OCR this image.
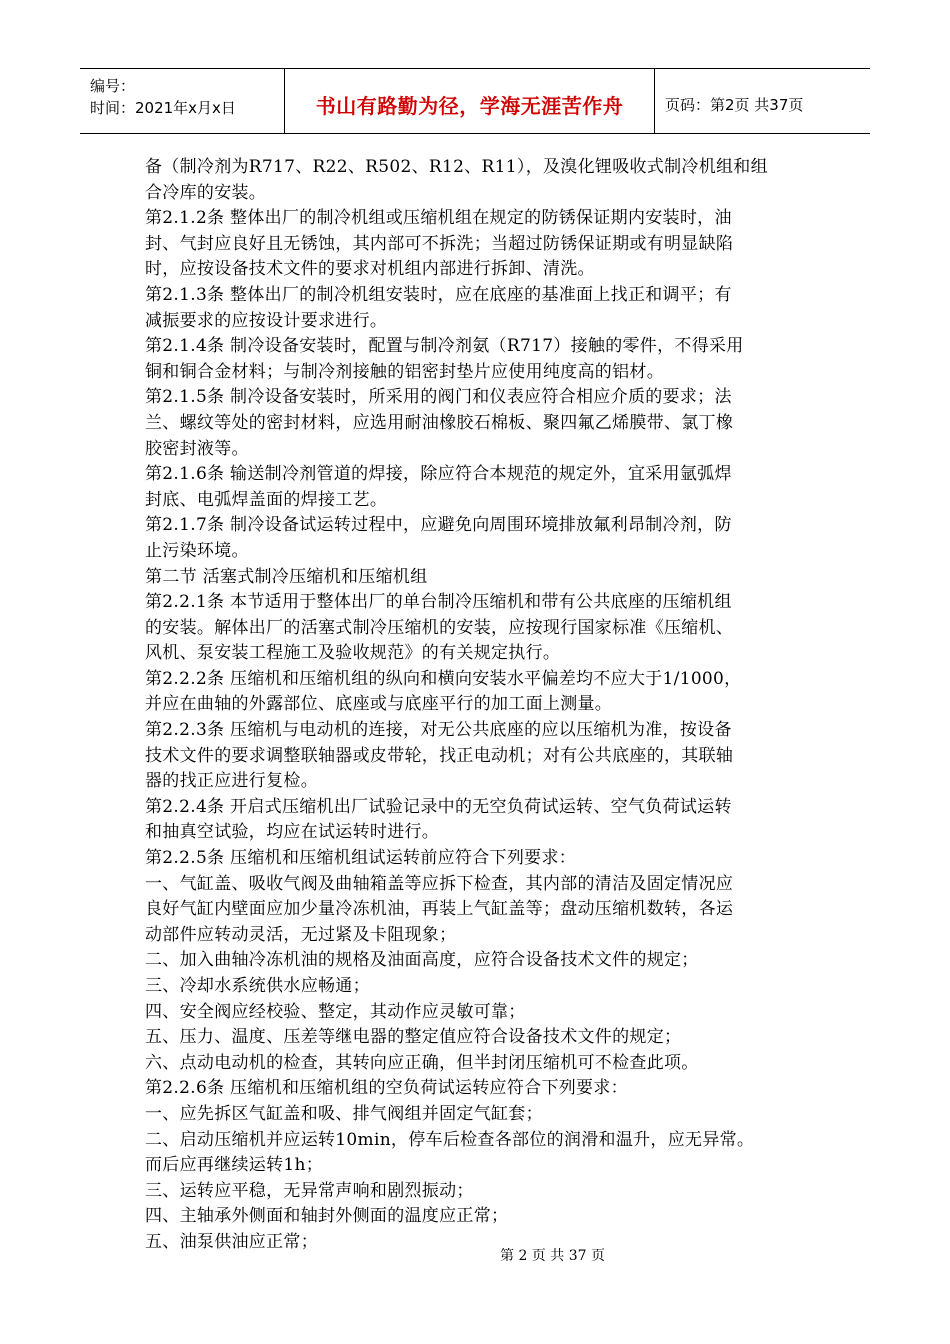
编号：
时间：2021年x月x日	书山有路勤为径，学海无涯苦作舟	页码：第2页 共37页
备（制冷剂为R717、R22、R502、R12、R11），及溴化锂吸收式制冷机组和组
合冷库的安装。
第2.1.2条 整体出厂的制冷机组或压缩机组在规定的防锈保证期内安装时，油
封、气封应良好且无锈蚀，其内部可不拆洗；当超过防锈保证期或有明显缺陷
时，应按设备技术文件的要求对机组内部进行拆卸、清洗。
第2.1.3条 整体出厂的制冷机组安装时，应在底座的基准面上找正和调平；有
减振要求的应按设计要求进行。
第2.1.4条 制冷设备安装时，配置与制冷剂氨（R717）接触的零件，不得采用
铜和铜合金材料；与制冷剂接触的铝密封垫片应使用纯度高的铝材。
第2.1.5条 制冷设备安装时，所采用的阀门和仪表应符合相应介质的要求；法
兰、螺纹等处的密封材料，应选用耐油橡胶石棉板、聚四氟乙烯膜带、氯丁橡
胶密封液等。
第2.1.6条 输送制冷剂管道的焊接，除应符合本规范的规定外，宜采用氩弧焊
封底、电弧焊盖面的焊接工艺。
第2.1.7条 制冷设备试运转过程中，应避免向周围环境排放氟利昂制冷剂，防
止污染环境。
第二节 活塞式制冷压缩机和压缩机组
第2.2.1条 本节适用于整体出厂的单台制冷压缩机和带有公共底座的压缩机组
的安装。解体出厂的活塞式制冷压缩机的安装，应按现行国家标准《压缩机、
风机、泵安装工程施工及验收规范》的有关规定执行。
第2.2.2条 压缩机和压缩机组的纵向和横向安装水平偏差均不应大于1/1000，
并应在曲轴的外露部位、底座或与底座平行的加工面上测量。
第2.2.3条 压缩机与电动机的连接，对无公共底座的应以压缩机为准，按设备
技术文件的要求调整联轴器或皮带轮，找正电动机；对有公共底座的，其联轴
器的找正应进行复检。
第2.2.4条 开启式压缩机出厂试验记录中的无空负荷试运转、空气负荷试运转
和抽真空试验，均应在试运转时进行。
第2.2.5条 压缩机和压缩机组试运转前应符合下列要求：
一、气缸盖、吸收气阀及曲轴箱盖等应拆下检查，其内部的清洁及固定情况应
良好气缸内壁面应加少量冷冻机油，再装上气缸盖等；盘动压缩机数转，各运
动部件应转动灵活，无过紧及卡阻现象；
二、加入曲轴冷冻机油的规格及油面高度，应符合设备技术文件的规定；
三、冷却水系统供水应畅通；
四、安全阀应经校验、整定，其动作应灵敏可靠；
五、压力、温度、压差等继电器的整定值应符合设备技术文件的规定；
六、点动电动机的检查，其转向应正确，但半封闭压缩机可不检查此项。
第2.2.6条 压缩机和压缩机组的空负荷试运转应符合下列要求：
一、应先拆区气缸盖和吸、排气阀组并固定气缸套；
二、启动压缩机并应运转10min，停车后检查各部位的润滑和温升，应无异常。
而后应再继续运转1h；
三、运转应平稳，无异常声响和剧烈振动；
四、主轴承外侧面和轴封外侧面的温度应正常；
五、油泵供油应正常；
第 2 页 共 37 页
